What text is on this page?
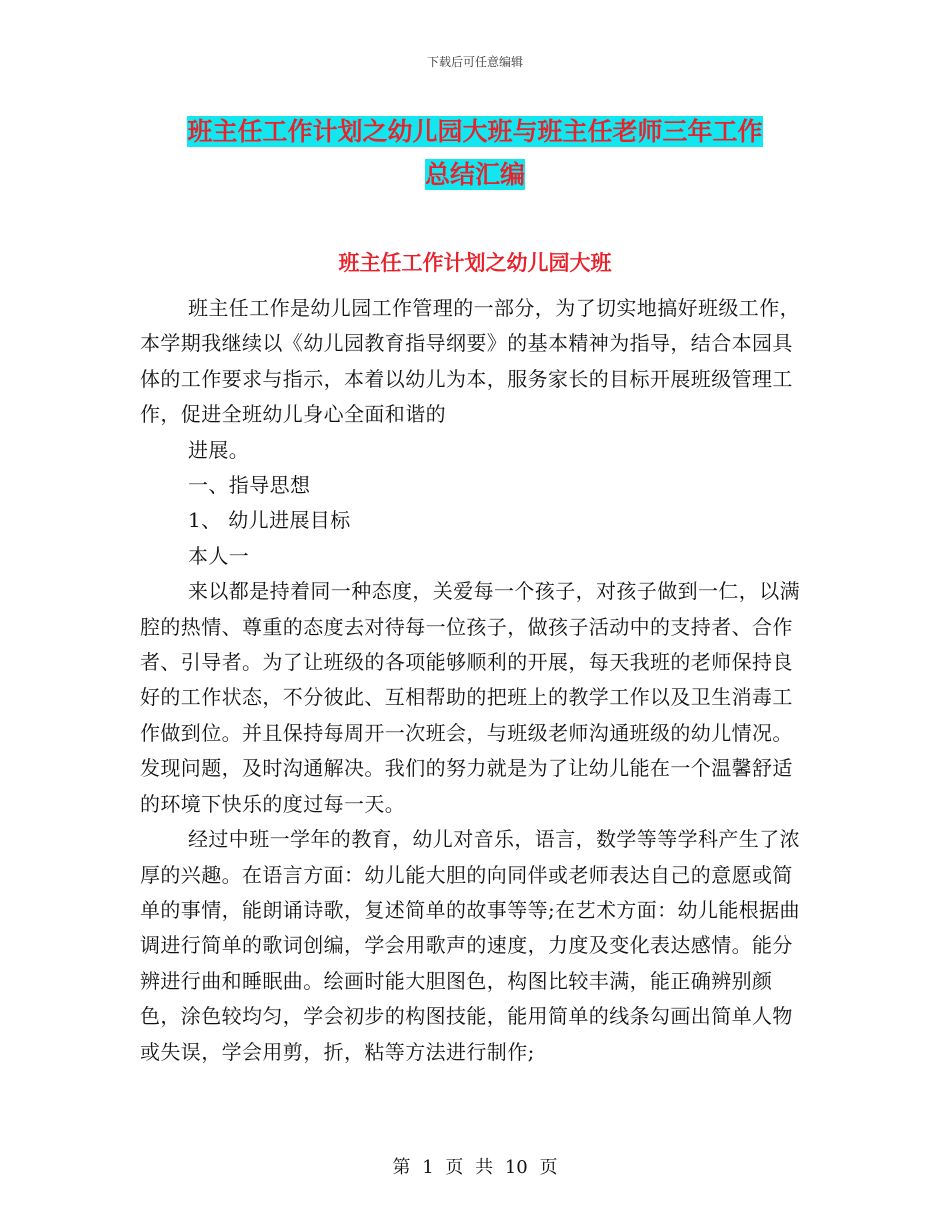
下载后可任意编辑
班主任工作计划之幼儿园大班与班主任老师三年工作
总结汇编
班主任工作计划之幼儿园大班

班主任工作是幼儿园工作管理的一部分，为了切实地搞好班级工作，本学期我继续以《幼儿园教育指导纲要》的基本精神为指导，结合本园具体的工作要求与指示，本着以幼儿为本，服务家长的目标开展班级管理工作，促进全班幼儿身心全面和谐的

进展。

一、指导思想

1、 幼儿进展目标

本人一

来以都是持着同一种态度，关爱每一个孩子，对孩子做到一仁，以满腔的热情、尊重的态度去对待每一位孩子，做孩子活动中的支持者、合作者、引导者。为了让班级的各项能够顺利的开展，每天我班的老师保持良好的工作状态，不分彼此、互相帮助的把班上的教学工作以及卫生消毒工作做到位。并且保持每周开一次班会，与班级老师沟通班级的幼儿情况。发现问题，及时沟通解决。我们的努力就是为了让幼儿能在一个温馨舒适的环境下快乐的度过每一天。

经过中班一学年的教育，幼儿对音乐，语言，数学等等学科产生了浓厚的兴趣。在语言方面：幼儿能大胆的向同伴或老师表达自己的意愿或简单的事情，能朗诵诗歌，复述简单的故事等等;在艺术方面：幼儿能根据曲调进行简单的歌词创编，学会用歌声的速度，力度及变化表达感情。能分辨进行曲和睡眠曲。绘画时能大胆图色，构图比较丰满，能正确辨别颜色，涂色较均匀，学会初步的构图技能，能用简单的线条勾画出简单人物或失误，学会用剪，折，粘等方法进行制作;

第 1 页 共 10 页
